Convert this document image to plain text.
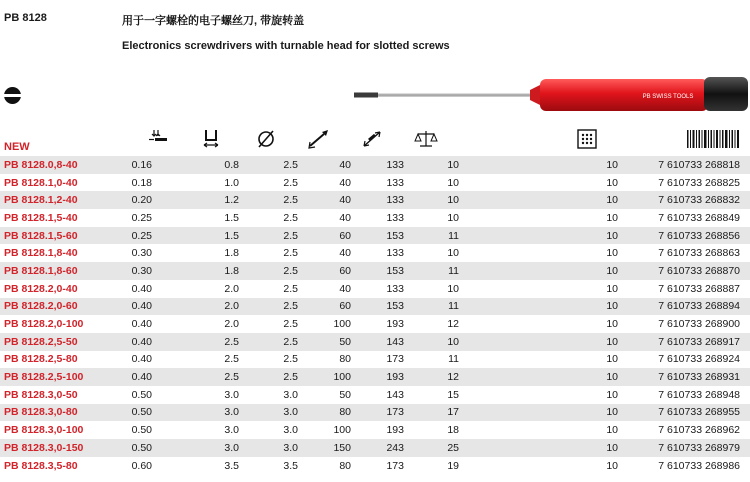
PB 8128	用于一字螺栓的电子螺丝刀, 带旋转盖
Electronics screwdrivers with turnable head for slotted screws
PB SWISS TOOLS
NEW
PB 8128.0,8-40	0.16	0.8	2.5	40	133	10	10	7 610733 268818
PB 8128.1,0-40	0.18	1.0	2.5	40	133	10	10	7 610733 268825
PB 8128.1,2-40	0.20	1.2	2.5	40	133	10	10	7 610733 268832
PB 8128.1,5-40	0.25	1.5	2.5	40	133	10	10	7 610733 268849
PB 8128.1,5-60	0.25	1.5	2.5	60	153	11	10	7 610733 268856
PB 8128.1,8-40	0.30	1.8	2.5	40	133	10	10	7 610733 268863
PB 8128.1,8-60	0.30	1.8	2.5	60	153	11	10	7 610733 268870
PB 8128.2,0-40	0.40	2.0	2.5	40	133	10	10	7 610733 268887
PB 8128.2,0-60	0.40	2.0	2.5	60	153	11	10	7 610733 268894
PB 8128.2,0-100	0.40	2.0	2.5	100	193	12	10	7 610733 268900
PB 8128.2,5-50	0.40	2.5	2.5	50	143	10	10	7 610733 268917
PB 8128.2,5-80	0.40	2.5	2.5	80	173	11	10	7 610733 268924
PB 8128.2,5-100	0.40	2.5	2.5	100	193	12	10	7 610733 268931
PB 8128.3,0-50	0.50	3.0	3.0	50	143	15	10	7 610733 268948
PB 8128.3,0-80	0.50	3.0	3.0	80	173	17	10	7 610733 268955
PB 8128.3,0-100	0.50	3.0	3.0	100	193	18	10	7 610733 268962
PB 8128.3,0-150	0.50	3.0	3.0	150	243	25	10	7 610733 268979
PB 8128.3,5-80	0.60	3.5	3.5	80	173	19	10	7 610733 268986
